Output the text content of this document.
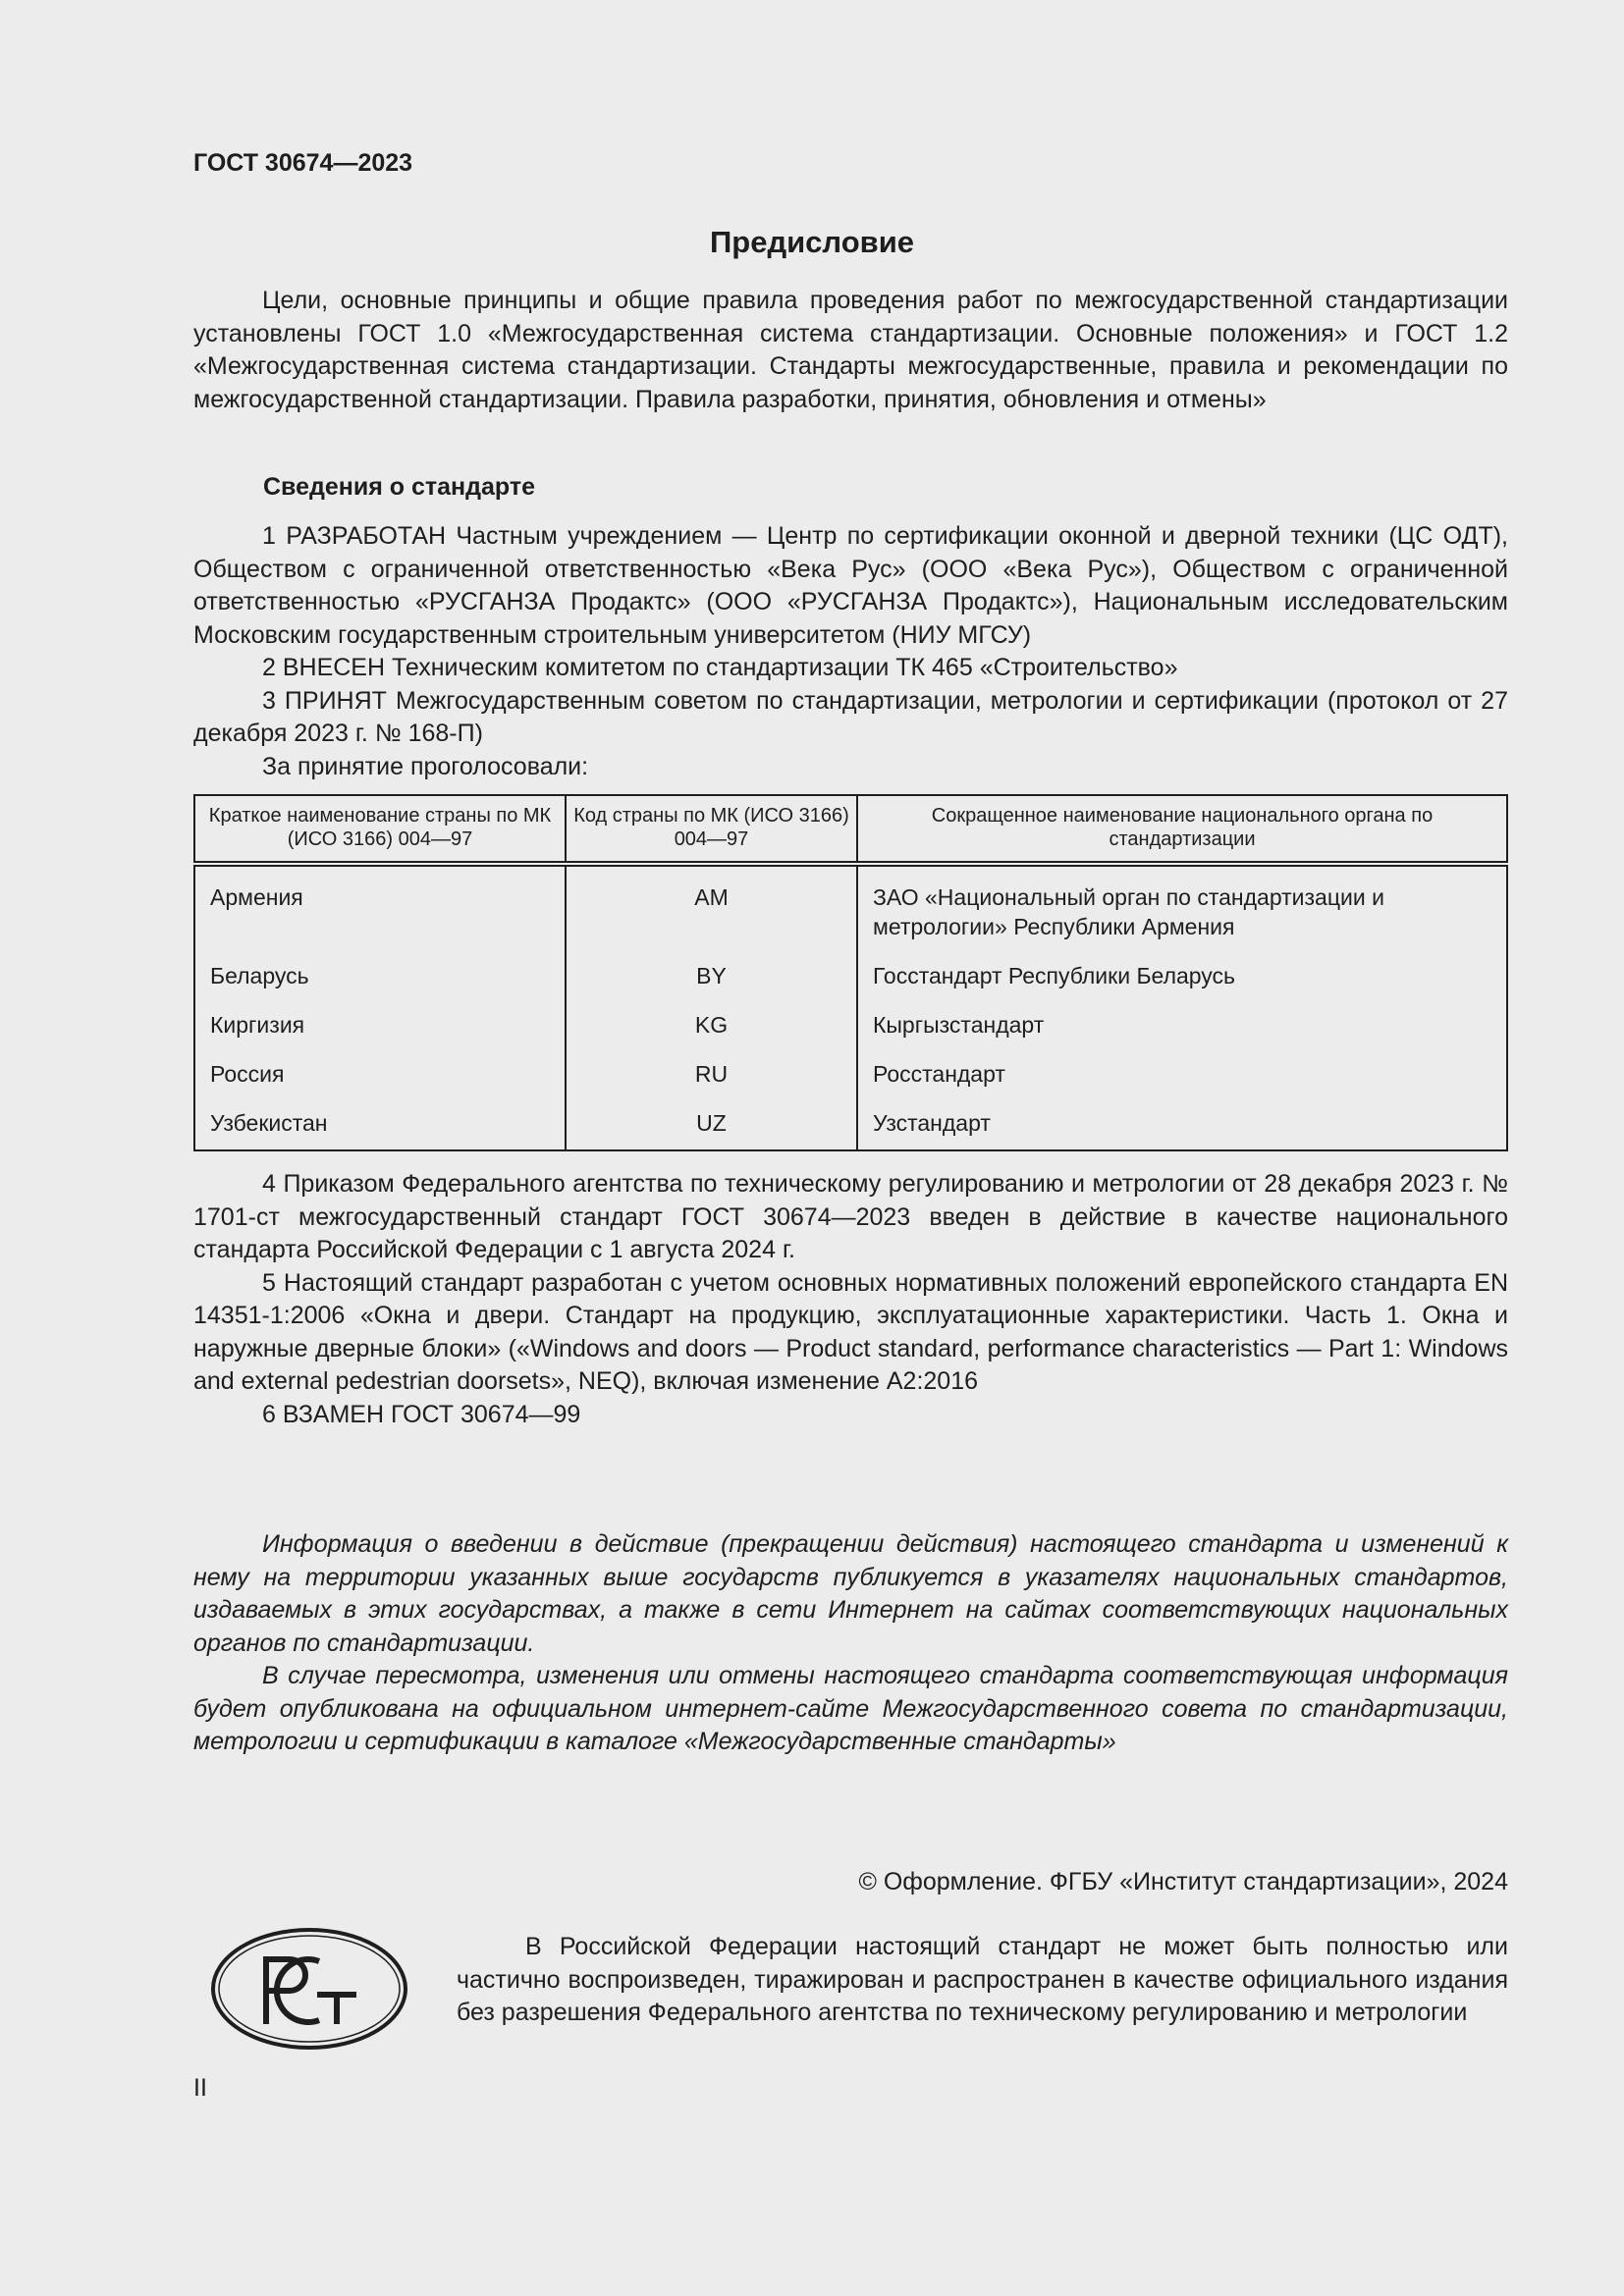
ГОСТ 30674—2023
Предисловие

Цели, основные принципы и общие правила проведения работ по межгосударственной стандартизации установлены ГОСТ 1.0 «Межгосударственная система стандартизации. Основные положения» и ГОСТ 1.2 «Межгосударственная система стандартизации. Стандарты межгосударственные, правила и рекомендации по межгосударственной стандартизации. Правила разработки, принятия, обновления и отмены»

Сведения о стандарте

1 РАЗРАБОТАН Частным учреждением — Центр по сертификации оконной и дверной техники (ЦС ОДТ), Обществом с ограниченной ответственностью «Века Рус» (ООО «Века Рус»), Обществом с ограниченной ответственностью «РУСГАНЗА Продактс» (ООО «РУСГАНЗА Продактс»), Национальным исследовательским Московским государственным строительным университетом (НИУ МГСУ)

2 ВНЕСЕН Техническим комитетом по стандартизации ТК 465 «Строительство»

3 ПРИНЯТ Межгосударственным советом по стандартизации, метрологии и сертификации (протокол от 27 декабря 2023 г. № 168-П)

За принятие проголосовали:

Краткое наименование страны по МК (ИСО 3166) 004—97	Код страны по МК (ИСО 3166) 004—97	Сокращенное наименование национального органа по стандартизации
Армения	AM	ЗАО «Национальный орган по стандартизации и метрологии» Республики Армения
Беларусь	BY	Госстандарт Республики Беларусь
Киргизия	KG	Кыргызстандарт
Россия	RU	Росстандарт
Узбекистан	UZ	Узстандарт

4 Приказом Федерального агентства по техническому регулированию и метрологии от 28 декабря 2023 г. № 1701-ст межгосударственный стандарт ГОСТ 30674—2023 введен в действие в качестве национального стандарта Российской Федерации с 1 августа 2024 г.

5 Настоящий стандарт разработан с учетом основных нормативных положений европейского стандарта EN 14351-1:2006 «Окна и двери. Стандарт на продукцию, эксплуатационные характеристики. Часть 1. Окна и наружные дверные блоки» («Windows and doors — Product standard, performance characteristics — Part 1: Windows and external pedestrian doorsets», NEQ), включая изменение A2:2016

6 ВЗАМЕН ГОСТ 30674—99

Информация о введении в действие (прекращении действия) настоящего стандарта и изменений к нему на территории указанных выше государств публикуется в указателях национальных стандартов, издаваемых в этих государствах, а также в сети Интернет на сайтах соответствующих национальных органов по стандартизации.

В случае пересмотра, изменения или отмены настоящего стандарта соответствующая информация будет опубликована на официальном интернет-сайте Межгосударственного совета по стандартизации, метрологии и сертификации в каталоге «Межгосударственные стандарты»

© Оформление. ФГБУ «Институт стандартизации», 2024

В Российской Федерации настоящий стандарт не может быть полностью или частично воспроизведен, тиражирован и распространен в качестве официального издания без разрешения Федерального агентства по техническому регулированию и метрологии

II
